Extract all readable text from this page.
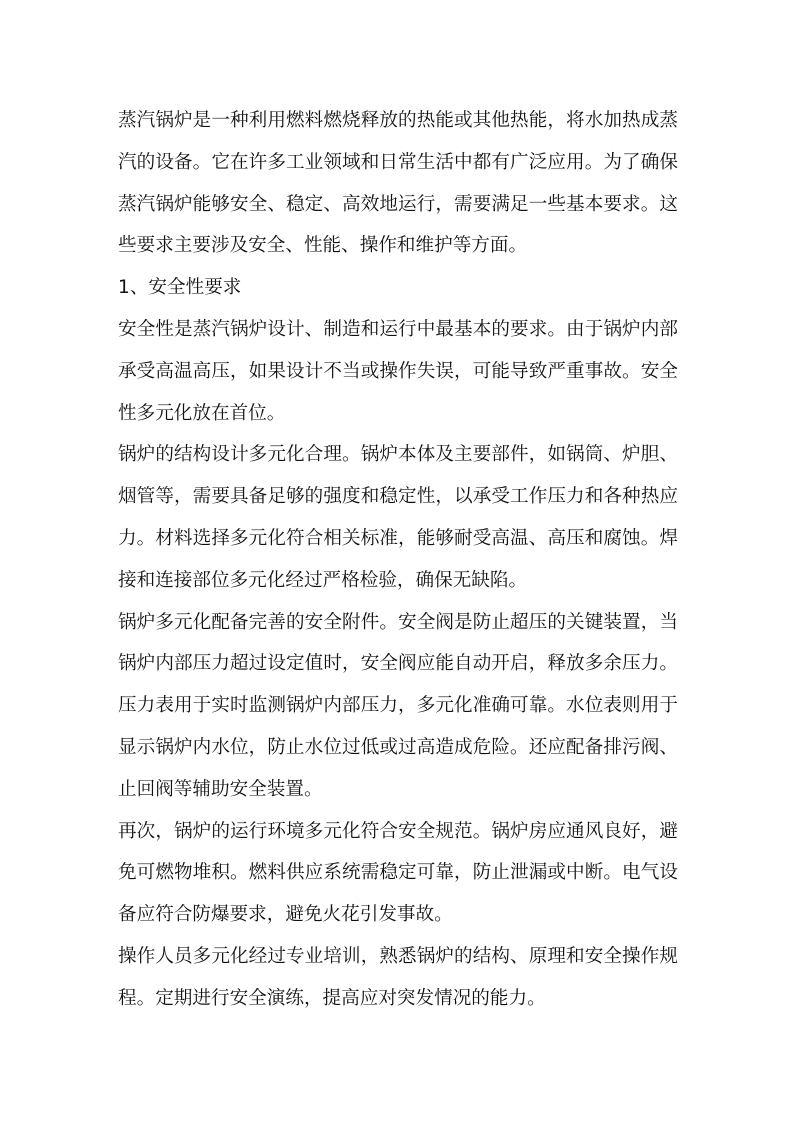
蒸汽锅炉是一种利用燃料燃烧释放的热能或其他热能，将水加热成蒸汽的设备。它在许多工业领域和日常生活中都有广泛应用。为了确保蒸汽锅炉能够安全、稳定、高效地运行，需要满足一些基本要求。这些要求主要涉及安全、性能、操作和维护等方面。

1、安全性要求

安全性是蒸汽锅炉设计、制造和运行中最基本的要求。由于锅炉内部承受高温高压，如果设计不当或操作失误，可能导致严重事故。安全性多元化放在首位。

锅炉的结构设计多元化合理。锅炉本体及主要部件，如锅筒、炉胆、烟管等，需要具备足够的强度和稳定性，以承受工作压力和各种热应力。材料选择多元化符合相关标准，能够耐受高温、高压和腐蚀。焊接和连接部位多元化经过严格检验，确保无缺陷。

锅炉多元化配备完善的安全附件。安全阀是防止超压的关键装置，当锅炉内部压力超过设定值时，安全阀应能自动开启，释放多余压力。压力表用于实时监测锅炉内部压力，多元化准确可靠。水位表则用于显示锅炉内水位，防止水位过低或过高造成危险。还应配备排污阀、止回阀等辅助安全装置。

再次，锅炉的运行环境多元化符合安全规范。锅炉房应通风良好，避免可燃物堆积。燃料供应系统需稳定可靠，防止泄漏或中断。电气设备应符合防爆要求，避免火花引发事故。

操作人员多元化经过专业培训，熟悉锅炉的结构、原理和安全操作规程。定期进行安全演练，提高应对突发情况的能力。
